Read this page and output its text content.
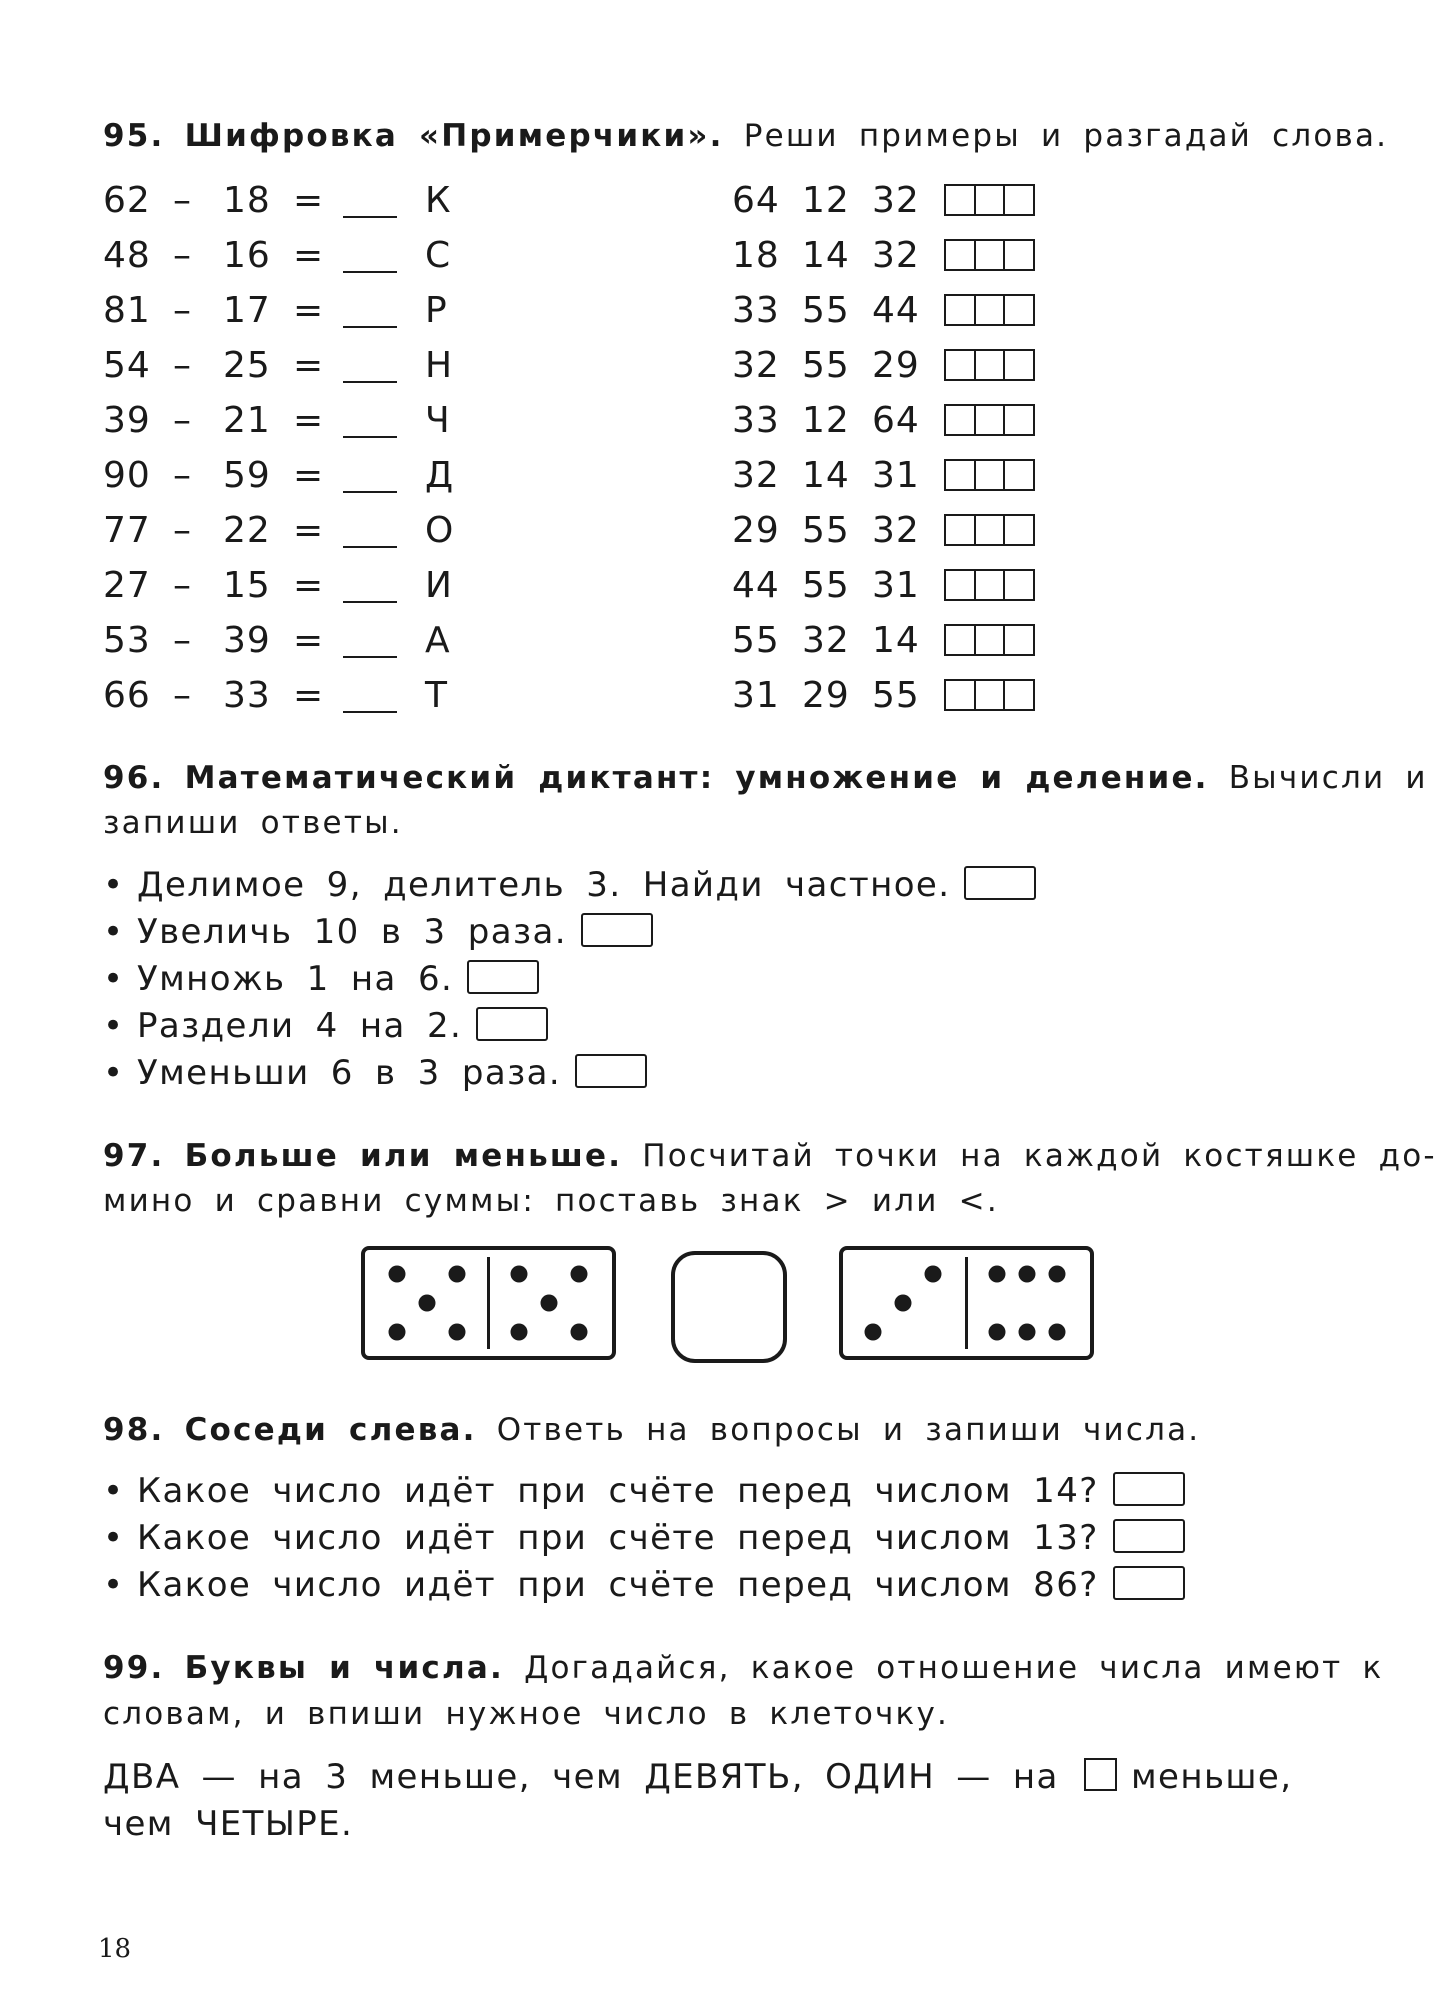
95. Шифровка «Примерчики». Реши примеры и разгадай слова.
62 – 18 =	К
48 – 16 =	С
81 – 17 =	Р
54 – 25 =	Н
39 – 21 =	Ч
90 – 59 =	Д
77 – 22 =	О
27 – 15 =	И
53 – 39 =	А
66 – 33 =	Т
64 12 32
18 14 32
33 55 44
32 55 29
33 12 64
32 14 31
29 55 32
44 55 31
55 32 14
31 29 55
96. Математический диктант: умножение и деление. Вычисли и
запиши ответы.
• Делимое 9, делитель 3. Найди частное.
• Увеличь 10 в 3 раза.
• Умножь 1 на 6.
• Раздели 4 на 2.
• Уменьши 6 в 3 раза.
97. Больше или меньше. Посчитай точки на каждой костяшке до-
мино и сравни суммы: поставь знак > или <.
98. Соседи слева. Ответь на вопросы и запиши числа.
• Какое число идёт при счёте перед числом 14?
• Какое число идёт при счёте перед числом 13?
• Какое число идёт при счёте перед числом 86?
99. Буквы и числа. Догадайся, какое отношение числа имеют к
словам, и впиши нужное число в клеточку.
ДВА — на 3 меньше, чем ДЕВЯТЬ, ОДИН — на меньше,
чем ЧЕТЫРЕ.
18
